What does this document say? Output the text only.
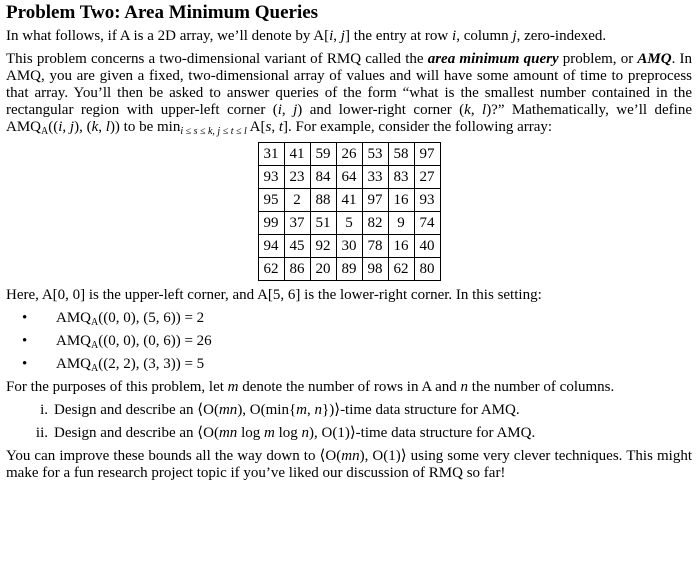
Problem Two: Area Minimum Queries

In what follows, if A is a 2D array, we’ll denote by A[i, j] the entry at row i, column j, zero-indexed.

This problem concerns a two-dimensional variant of RMQ called the area minimum query problem, or AMQ. In AMQ, you are given a fixed, two-dimensional array of values and will have some amount of time to preprocess that array. You’ll then be asked to answer queries of the form “what is the smallest number contained in the rectangular region with upper-left corner (i, j) and lower-right corner (k, l)?” Mathematically, we’ll define $AMQ_A((i$, j), (k, l)) to be $\min_{i \le s \le k, j \le t \le l} A[s$, t]. For example, consider the following array:

31	41	59	26	53	58	97
93	23	84	64	33	83	27
95	2	88	41	97	16	93
99	37	51	5	82	9	74
94	45	92	30	78	16	40
62	86	20	89	98	62	80

Here, A[0, 0] is the upper-left corner, and A[5, 6] is the lower-right corner. In this setting:

• $AMQ_A((0$, 0), (5, 6)) = 2
• $AMQ_A((0$, 0), (0, 6)) = 26
• $AMQ_A((2$, 2), (3, 3)) = 5

For the purposes of this problem, let m denote the number of rows in A and n the number of columns.

i. Design and describe an ⟨O(mn), O(min{m, n})⟩-time data structure for AMQ.
ii. Design and describe an ⟨O(mn log m log n), O(1)⟩-time data structure for AMQ.

You can improve these bounds all the way down to ⟨O(mn), O(1)⟩ using some very clever techniques. This might make for a fun research project topic if you’ve liked our discussion of RMQ so far!
